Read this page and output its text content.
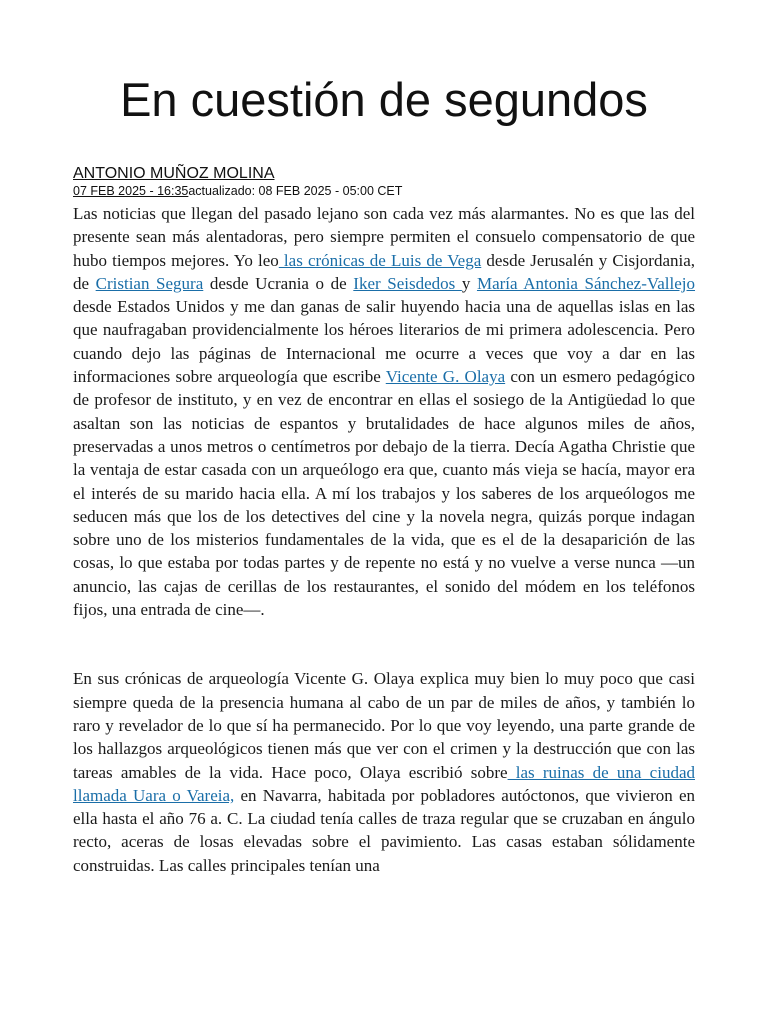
En cuestión de segundos
ANTONIO MUÑOZ MOLINA
07 FEB 2025 - 16:35actualizado: 08 FEB 2025 - 05:00 CET

Las noticias que llegan del pasado lejano son cada vez más alarmantes. No es que las del presente sean más alentadoras, pero siempre permiten el consuelo compensatorio de que hubo tiempos mejores. Yo leo las crónicas de Luis de Vega desde Jerusalén y Cisjordania, de Cristian Segura desde Ucrania o de Iker Seisdedos y María Antonia Sánchez-Vallejo desde Estados Unidos y me dan ganas de salir huyendo hacia una de aquellas islas en las que naufragaban providencialmente los héroes literarios de mi primera adolescencia. Pero cuando dejo las páginas de Internacional me ocurre a veces que voy a dar en las informaciones sobre arqueología que escribe Vicente G. Olaya con un esmero pedagógico de profesor de instituto, y en vez de encontrar en ellas el sosiego de la Antigüedad lo que asaltan son las noticias de espantos y brutalidades de hace algunos miles de años, preservadas a unos metros o centímetros por debajo de la tierra. Decía Agatha Christie que la ventaja de estar casada con un arqueólogo era que, cuanto más vieja se hacía, mayor era el interés de su marido hacia ella. A mí los trabajos y los saberes de los arqueólogos me seducen más que los de los detectives del cine y la novela negra, quizás porque indagan sobre uno de los misterios fundamentales de la vida, que es el de la desaparición de las cosas, lo que estaba por todas partes y de repente no está y no vuelve a verse nunca —un anuncio, las cajas de cerillas de los restaurantes, el sonido del módem en los teléfonos fijos, una entrada de cine—.

En sus crónicas de arqueología Vicente G. Olaya explica muy bien lo muy poco que casi siempre queda de la presencia humana al cabo de un par de miles de años, y también lo raro y revelador de lo que sí ha permanecido. Por lo que voy leyendo, una parte grande de los hallazgos arqueológicos tienen más que ver con el crimen y la destrucción que con las tareas amables de la vida. Hace poco, Olaya escribió sobre las ruinas de una ciudad llamada Uara o Vareia, en Navarra, habitada por pobladores autóctonos, que vivieron en ella hasta el año 76 a. C. La ciudad tenía calles de traza regular que se cruzaban en ángulo recto, aceras de losas elevadas sobre el pavimiento. Las casas estaban sólidamente construidas. Las calles principales tenían una
